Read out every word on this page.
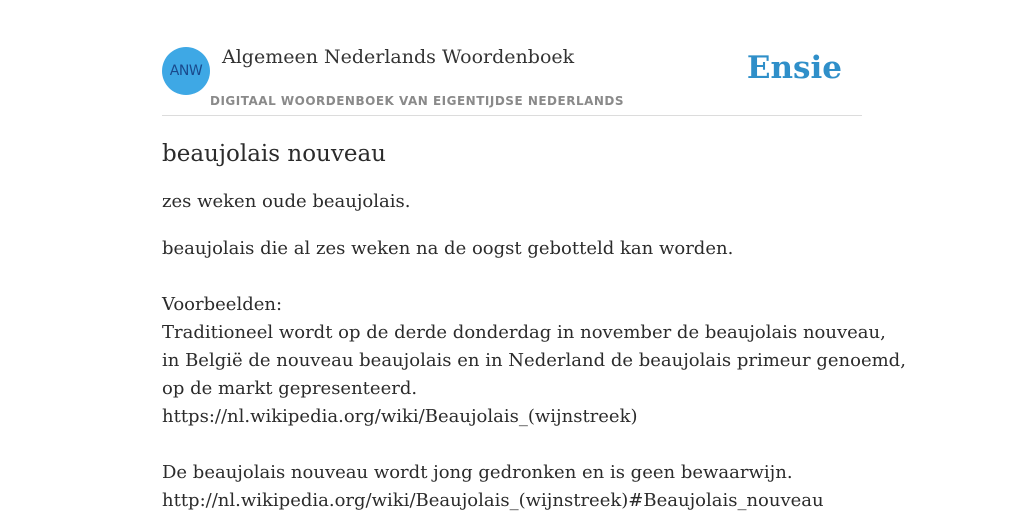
ANW
Algemeen Nederlands Woordenboek
DIGITAAL WOORDENBOEK VAN EIGENTIJDSE NEDERLANDS
Ensie
beaujolais nouveau

zes weken oude beaujolais.

beaujolais die al zes weken na de oogst gebotteld kan worden.
Voorbeelden:
Traditioneel wordt op de derde donderdag in november de beaujolais nouveau,
in België de nouveau beaujolais en in Nederland de beaujolais primeur genoemd,
op de markt gepresenteerd.
https://nl.wikipedia.org/wiki/Beaujolais_(wijnstreek)
De beaujolais nouveau wordt jong gedronken en is geen bewaarwijn.
http://nl.wikipedia.org/wiki/Beaujolais_(wijnstreek)#Beaujolais_nouveau
